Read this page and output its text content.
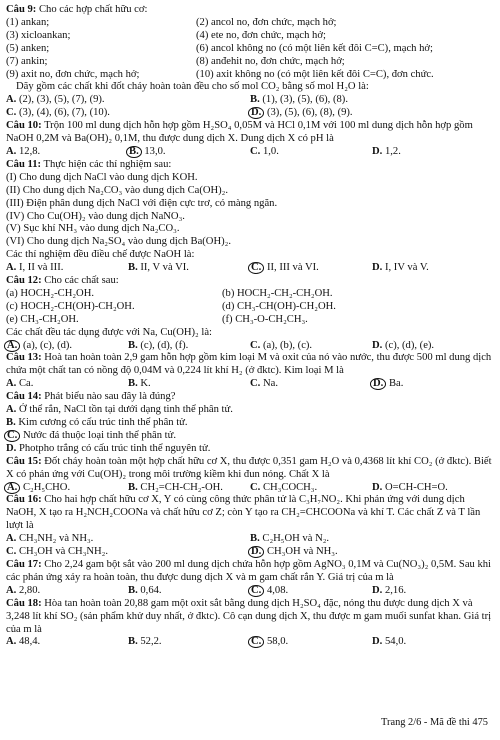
Câu 9: Cho các hợp chất hữu cơ:
(1) ankan;	(2) ancol no, đơn chức, mạch hở;
(3) xicloankan;	(4) ete no, đơn chức, mạch hở;
(5) anken;	(6) ancol không no (có một liên kết đôi C=C), mạch hở;
(7) ankin;	(8) anđehit no, đơn chức, mạch hở;
(9) axit no, đơn chức, mạch hở;	(10) axit không no (có một liên kết đôi C=C), đơn chức.
Dãy gồm các chất khi đốt cháy hoàn toàn đều cho số mol CO₂ bằng số mol H₂O là:
A. (2), (3), (5), (7), (9).	B. (1), (3), (5), (6), (8).
C. (3), (4), (6), (7), (10).	D. (3), (5), (6), (8), (9).
Câu 10: Trộn 100 ml dung dịch hỗn hợp gồm H₂SO₄ 0,05M và HCl 0,1M với 100 ml dung dịch hỗn hợp gồm NaOH 0,2M và Ba(OH)₂ 0,1M, thu được dung dịch X. Dung dịch X có pH là
A. 12,8.	B. 13,0.	C. 1,0.	D. 1,2.
Câu 11: Thực hiện các thí nghiệm sau:
(I) Cho dung dịch NaCl vào dung dịch KOH.
(II) Cho dung dịch Na₂CO₃ vào dung dịch Ca(OH)₂.
(III) Điện phân dung dịch NaCl với điện cực trơ, có màng ngăn.
(IV) Cho Cu(OH)₂ vào dung dịch NaNO₃.
(V) Sục khí NH₃ vào dung dịch Na₂CO₃.
(VI) Cho dung dịch Na₂SO₄ vào dung dịch Ba(OH)₂.
Các thí nghiệm đều điều chế được NaOH là:
A. I, II và III.	B. II, V và VI.	C. II, III và VI.	D. I, IV và V.
Câu 12: Cho các chất sau:
(a) HOCH₂-CH₂OH.	(b) HOCH₂-CH₂-CH₂OH.
(c) HOCH₂-CH(OH)-CH₂OH.	(d) CH₃-CH(OH)-CH₂OH.
(e) CH₃-CH₂OH.	(f) CH₃-O-CH₂CH₃.
Các chất đều tác dụng được với Na, Cu(OH)₂ là:
A. (a), (c), (d).	B. (c), (d), (f).	C. (a), (b), (c).	D. (c), (d), (e).
Câu 13: Hoà tan hoàn toàn 2,9 gam hỗn hợp gồm kim loại M và oxit của nó vào nước, thu được 500 ml dung dịch chứa một chất tan có nồng độ 0,04M và 0,224 lít khí H₂ (ở đktc). Kim loại M là
A. Ca.	B. K.	C. Na.	D. Ba.
Câu 14: Phát biểu nào sau đây là đúng?
A. Ở thể rắn, NaCl tồn tại dưới dạng tinh thể phân tử.
B. Kim cương có cấu trúc tinh thể phân tử.
C. Nước đá thuộc loại tinh thể phân tử.
D. Photpho trắng có cấu trúc tinh thể nguyên tử.
Câu 15: Đốt cháy hoàn toàn một hợp chất hữu cơ X, thu được 0,351 gam H₂O và 0,4368 lít khí CO₂ (ở đktc). Biết X có phản ứng với Cu(OH)₂ trong môi trường kiềm khi đun nóng. Chất X là
A. C₂H₅CHO.	B. CH₂=CH-CH₂-OH.	C. CH₃COCH₃.	D. O=CH-CH=O.
Câu 16: Cho hai hợp chất hữu cơ X, Y có cùng công thức phân tử là C₃H₇NO₂. Khi phản ứng với dung dịch NaOH, X tạo ra H₂NCH₂COONa và chất hữu cơ Z; còn Y tạo ra CH₂=CHCOONa và khí T. Các chất Z và T lần lượt là
A. CH₃NH₂ và NH₃.	B. C₂H₅OH và N₂.
C. CH₃OH và CH₃NH₂.	D. CH₃OH và NH₃.
Câu 17: Cho 2,24 gam bột sắt vào 200 ml dung dịch chứa hỗn hợp gồm AgNO₃ 0,1M và Cu(NO₃)₂ 0,5M. Sau khi các phản ứng xảy ra hoàn toàn, thu được dung dịch X và m gam chất rắn Y. Giá trị của m là
A. 2,80.	B. 0,64.	C. 4,08.	D. 2,16.
Câu 18: Hòa tan hoàn toàn 20,88 gam một oxit sắt bằng dung dịch H₂SO₄ đặc, nóng thu được dung dịch X và 3,248 lít khí SO₂ (sản phẩm khử duy nhất, ở đktc). Cô cạn dung dịch X, thu được m gam muối sunfat khan. Giá trị của m là
A. 48,4.	B. 52,2.	C. 58,0.	D. 54,0.
Trang 2/6 - Mã đề thi 475
